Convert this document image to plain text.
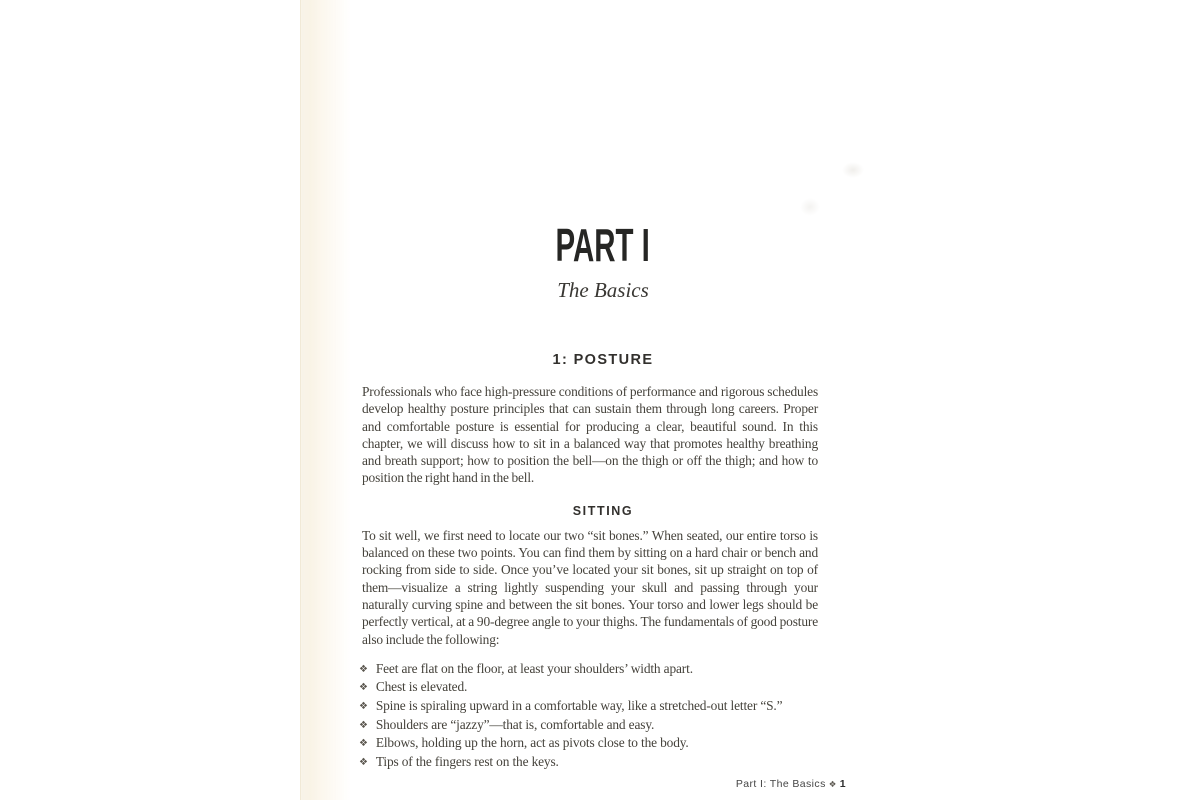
PART I
The Basics
1: POSTURE

Professionals who face high-pressure conditions of performance and rigorous schedules develop healthy posture principles that can sustain them through long careers. Proper and comfortable posture is essential for producing a clear, beautiful sound. In this chapter, we will discuss how to sit in a balanced way that promotes healthy breathing and breath support; how to position the bell—on the thigh or off the thigh; and how to position the right hand in the bell.

SITTING

To sit well, we first need to locate our two “sit bones.” When seated, our entire torso is balanced on these two points. You can find them by sitting on a hard chair or bench and rocking from side to side. Once you’ve located your sit bones, sit up straight on top of them—visualize a string lightly suspending your skull and passing through your naturally curving spine and between the sit bones. Your torso and lower legs should be perfectly vertical, at a 90-degree angle to your thighs. The fundamentals of good posture also include the following:

❖ Feet are flat on the floor, at least your shoulders’ width apart.
❖ Chest is elevated.
❖ Spine is spiraling upward in a comfortable way, like a stretched-out letter “S.”
❖ Shoulders are “jazzy”—that is, comfortable and easy.
❖ Elbows, holding up the horn, act as pivots close to the body.
❖ Tips of the fingers rest on the keys.
Part I: The Basics ❖ 1
